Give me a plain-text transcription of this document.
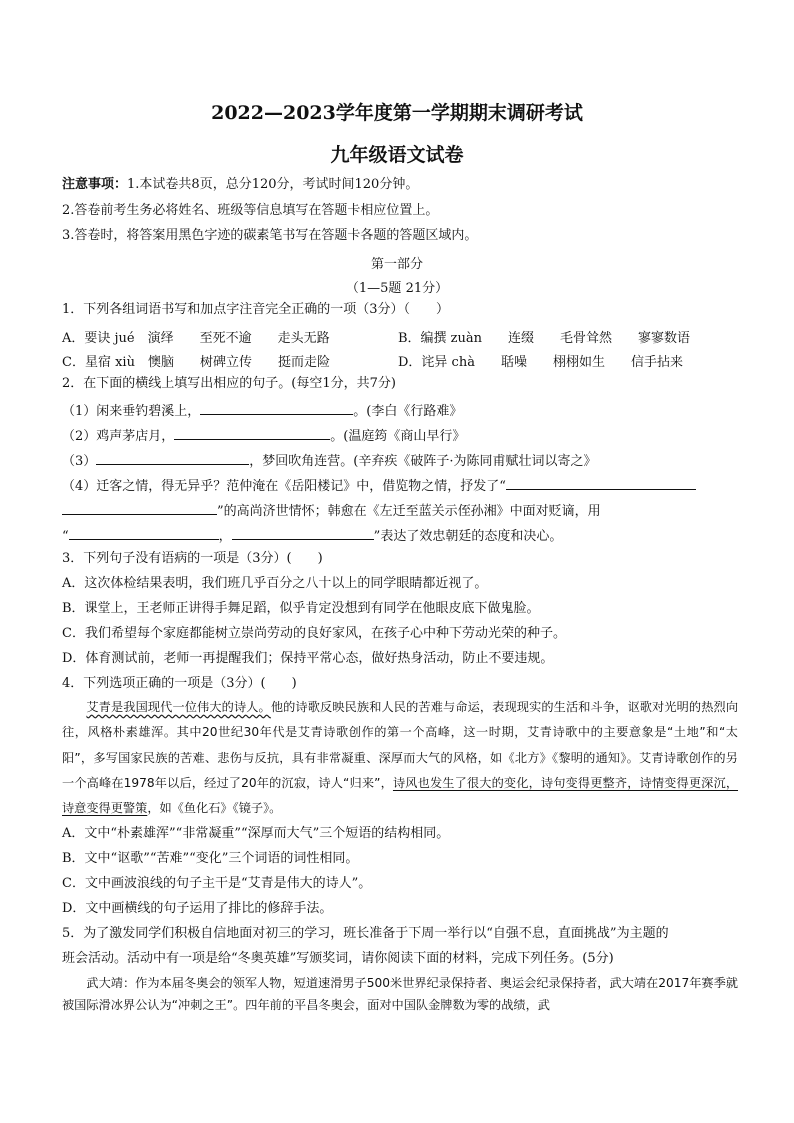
2022—2023学年度第一学期期末调研考试
九年级语文试卷
注意事项：1.本试卷共8页，总分120分，考试时间120分钟。
2.答卷前考生务必将姓名、班级等信息填写在答题卡相应位置上。
3.答卷时，将答案用黑色字迹的碳素笔书写在答题卡各题的答题区域内。
第一部分
（1—5题 21分）
1．下列各组词语书写和加点字注音完全正确的一项（3分）（　　）
A．要诀 jué　演绎　　至死不逾　　走头无路	B．编撰 zuàn　　连缀　　毛骨耸然　　寥寥数语
C．星宿 xiù　懊脑　　树碑立传　　挺而走险	D．诧异 chà　　聒噪　　栩栩如生　　信手拈来
2．在下面的横线上填写出相应的句子。(每空1分，共7分)
（1）闲来垂钓碧溪上，	。(李白《行路难》
（2）鸡声茅店月，	。(温庭筠《商山早行》
（3）	，梦回吹角连营。(辛弃疾《破阵子·为陈同甫赋壮词以寄之》
（4）迁客之情，得无异乎？范仲淹在《岳阳楼记》中，借览物之情，抒发了“
”的高尚济世情怀；韩愈在《左迁至蓝关示侄孙湘》中面对贬谪，用
“	，	”表达了效忠朝廷的态度和决心。
3．下列句子没有语病的一项是（3分）(　　)
A．这次体检结果表明，我们班几乎百分之八十以上的同学眼睛都近视了。
B．课堂上，王老师正讲得手舞足蹈，似乎肯定没想到有同学在他眼皮底下做鬼脸。
C．我们希望每个家庭都能树立崇尚劳动的良好家风，在孩子心中种下劳动光荣的种子。
D．体育测试前，老师一再提醒我们；保持平常心态，做好热身活动，防止不要违规。
4．下列选项正确的一项是（3分）(　　)

艾青是我国现代一位伟大的诗人。他的诗歌反映民族和人民的苦难与命运，表现现实的生活和斗争，讴歌对光明的热烈向往，风格朴素雄浑。其中20世纪30年代是艾青诗歌创作的第一个高峰，这一时期，艾青诗歌中的主要意象是“土地”和“太阳”，多写国家民族的苦难、悲伤与反抗，具有非常凝重、深厚而大气的风格，如《北方》《黎明的通知》。艾青诗歌创作的另一个高峰在1978年以后，经过了20年的沉寂，诗人“归来”，诗风也发生了很大的变化，诗句变得更整齐，诗情变得更深沉，诗意变得更警策，如《鱼化石》《镜子》。

A．文中“朴素雄浑”“非常凝重”“深厚而大气”三个短语的结构相同。
B．文中“讴歌”“苦难”“变化”三个词语的词性相同。
C．文中画波浪线的句子主干是“艾青是伟大的诗人”。
D．文中画横线的句子运用了排比的修辞手法。
5．为了激发同学们积极自信地面对初三的学习，班长准备于下周一举行以“自强不息，直面挑战”为主题的
班会活动。活动中有一项是给“冬奥英雄”写颁奖词，请你阅读下面的材料，完成下列任务。(5分)

武大靖：作为本届冬奥会的领军人物，短道速滑男子500米世界纪录保持者、奥运会纪录保持者，武大靖在2017年赛季就被国际滑冰界公认为“冲刺之王”。四年前的平昌冬奥会，面对中国队金牌数为零的战绩，武
